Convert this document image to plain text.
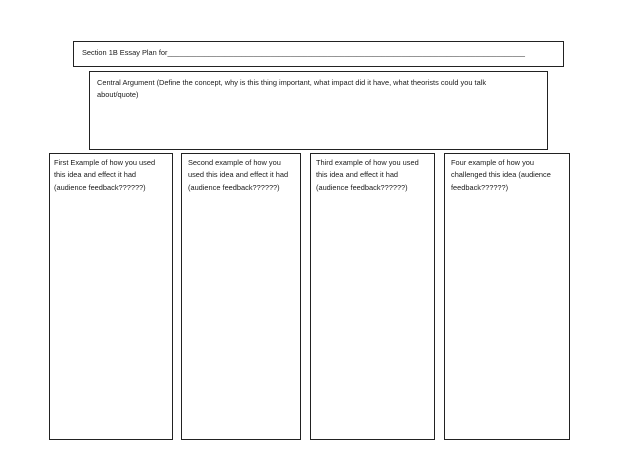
Section 1B Essay Plan for_______________________________________________________________________________________
Central Argument (Define the concept, why is this thing important, what impact did it have, what theorists could you talk about/quote)
First Example of how you used this idea and effect it had (audience feedback??????)
Second example of how you used this idea and effect it had (audience feedback??????)
Third example of how you used this idea and effect it had (audience feedback??????)
Four example of how you challenged this idea (audience feedback??????)
